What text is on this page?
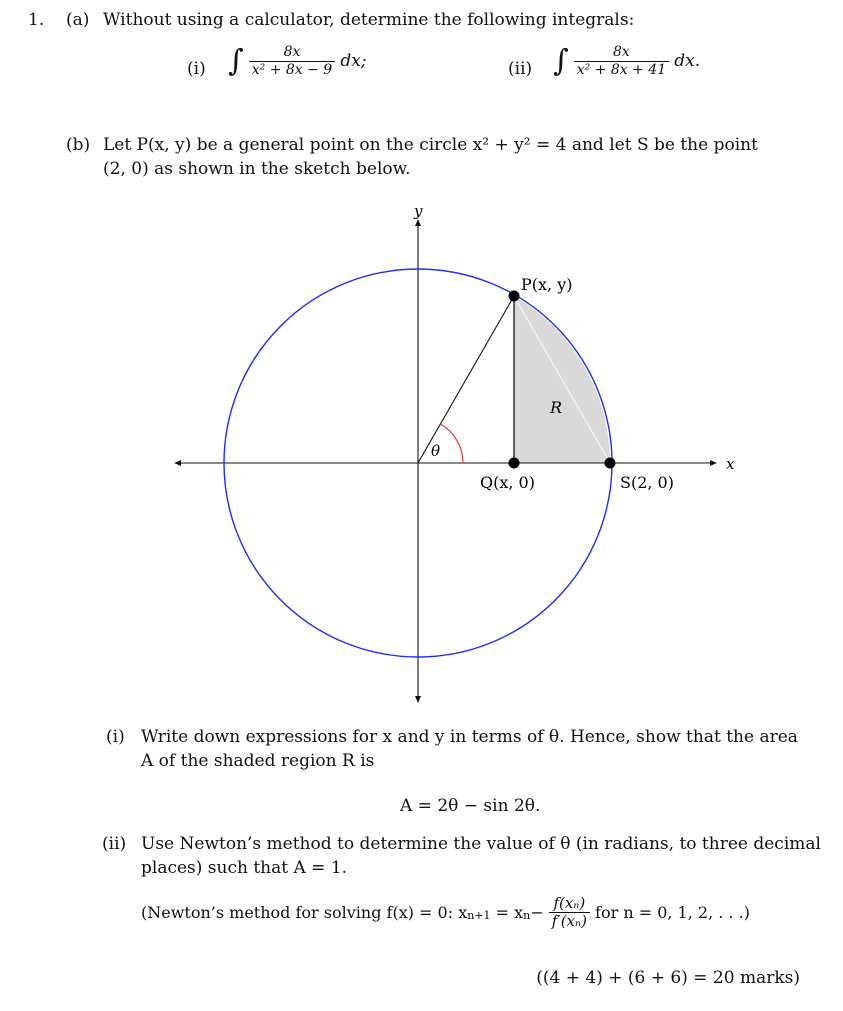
1. (a) Without using a calculator, determine the following integrals:
(i) ∫ $\frac{8x}{\text{x² + 8x − 9}}$ dx;	(ii) ∫ $\frac{8x}{\text{x² + 8x + 41}}$ dx.
(b) Let P(x, y) be a general point on the circle x² + y² = 4 and let S be the point
(2, 0) as shown in the sketch below.
y
x
P(x, y)
Q(x, 0)	S(2, 0)
R
θ
(i) Write down expressions for x and y in terms of θ. Hence, show that the area
A of the shaded region R is
A = 2θ − sin 2θ.
(ii) Use Newton’s method to determine the value of θ (in radians, to three decimal
places) such that A = 1.
(Newton’s method for solving f(x) = 0: $x_{n+1} = x_n- \frac{\text{f(xₙ)}}{\text{f′(xₙ)}}$ for n = 0, 1, 2, . . .)
((4 + 4) + (6 + 6) = 20 marks)
